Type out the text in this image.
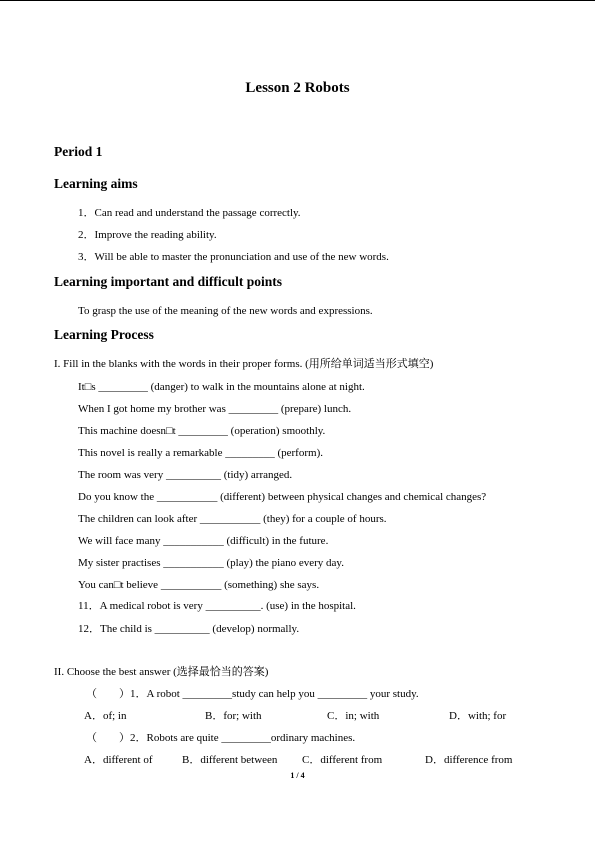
Lesson 2 Robots
Period 1
Learning aims
1．Can read and understand the passage correctly.
2．Improve the reading ability.
3．Will be able to master the pronunciation and use of the new words.
Learning important and difficult points
To grasp the use of the meaning of the new words and expressions.
Learning Process
I. Fill in the blanks with the words in their proper forms. (用所给单词适当形式填空)
It□s _________ (danger) to walk in the mountains alone at night.
When I got home my brother was _________ (prepare) lunch.
This machine doesn□t _________ (operation) smoothly.
This novel is really a remarkable _________ (perform).
The room was very __________ (tidy) arranged.
Do you know the ___________ (different) between physical changes and chemical changes?
The children can look after ___________ (they) for a couple of hours.
We will face many ___________ (difficult) in the future.
My sister practises ___________ (play) the piano every day.
You can□t believe ___________ (something) she says.
11．A medical robot is very __________. (use) in the hospital.
12．The child is __________ (develop) normally.
II. Choose the best answer (选择最恰当的答案)
（　　）1．A robot _________study can help you _________ your study.
A．of; in	B．for; with	C．in; with	D．with; for
（　　）2．Robots are quite _________ordinary machines.
A．different of	B．different between C．different from	D．difference from
1 / 4
